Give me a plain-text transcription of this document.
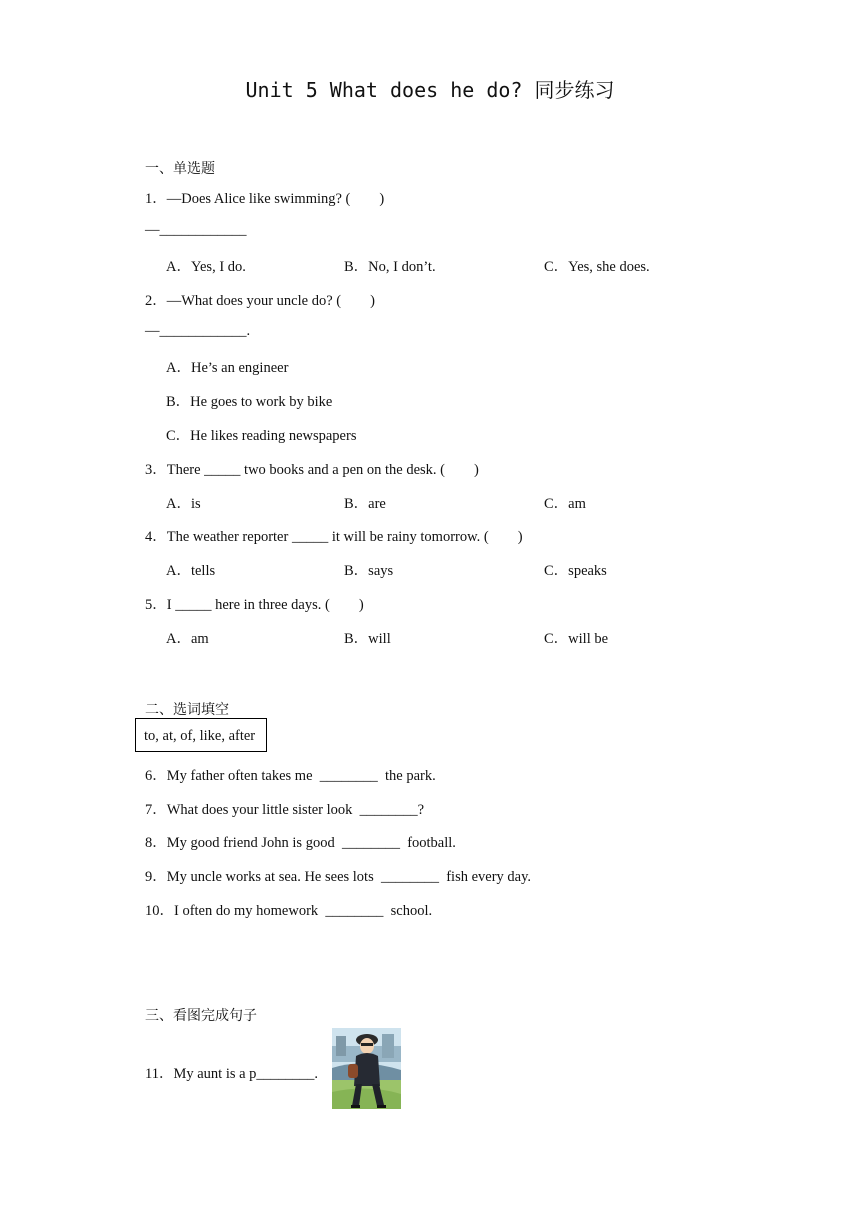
Unit 5 What does he do? 同步练习
一、单选题
1．—Does Alice like swimming? (        )
—____________
A．Yes, I do.	B．No, I don’t.	C．Yes, she does.
2．—What does your uncle do? (        )
—____________.
A．He’s an engineer
B．He goes to work by bike
C．He likes reading newspapers
3．There _____ two books and a pen on the desk. (        )
A．is	B．are	C．am
4．The weather reporter _____ it will be rainy tomorrow. (        )
A．tells	B．says	C．speaks
5．I _____ here in three days. (        )
A．am	B．will	C．will be
二、选词填空
to, at, of, like, after
6．My father often takes me  ________  the park.
7．What does your little sister look  ________?
8．My good friend John is good  ________  football.
9．My uncle works at sea. He sees lots  ________  fish every day.
10．I often do my homework  ________  school.
三、看图完成句子
11．My aunt is a p________.
